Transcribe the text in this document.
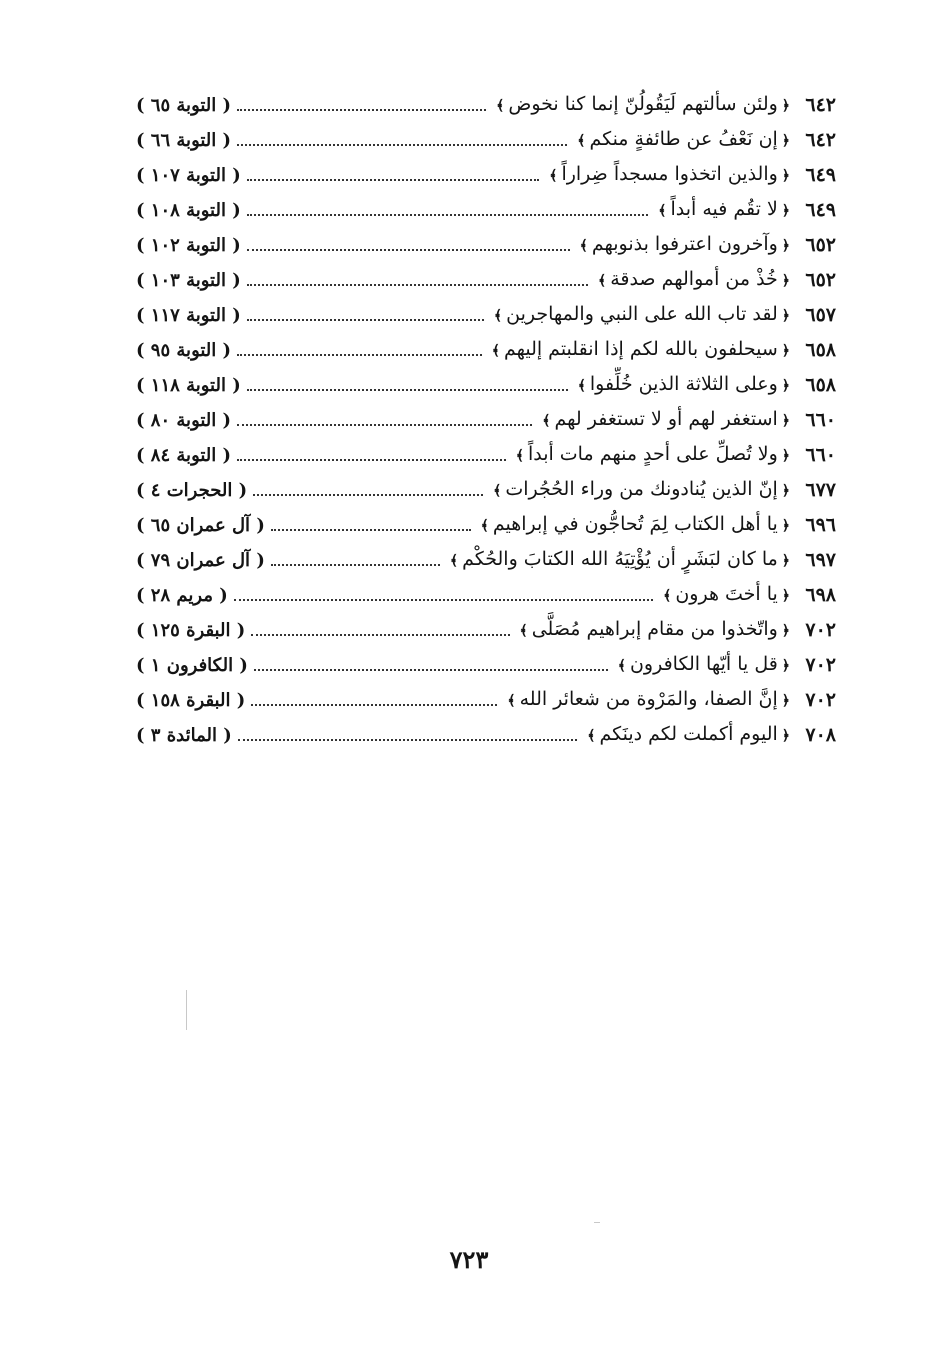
٦٤٢
﴿ولئن سألتهم لَيَقُولُنّ إنما كنا نخوض﴾
( التوبة ٦٥ )
٦٤٢
﴿إن نَعْفُ عن طائفةٍ منكم﴾
( التوبة ٦٦ )
٦٤٩
﴿والذين اتخذوا مسجداً ضِراراً﴾
( التوبة ١٠٧ )
٦٤٩
﴿لا تقُم فيه أبداً﴾
( التوبة ١٠٨ )
٦٥٢
﴿وآخرون اعترفوا بذنوبهم﴾
( التوبة ١٠٢ )
٦٥٢
﴿خُذْ من أموالهم صدقة﴾
( التوبة ١٠٣ )
٦٥٧
﴿لقد تاب الله على النبي والمهاجرين﴾
( التوبة ١١٧ )
٦٥٨
﴿سيحلفون بالله لكم إذا انقلبتم إليهم﴾
( التوبة ٩٥ )
٦٥٨
﴿وعلى الثلاثة الذين خُلِّفوا﴾
( التوبة ١١٨ )
٦٦٠
﴿استغفر لهم أو لا تستغفر لهم﴾
( التوبة ٨٠ )
٦٦٠
﴿ولا تُصلِّ على أحدٍ منهم مات أبداً﴾
( التوبة ٨٤ )
٦٧٧
﴿إنّ الذين يُنادونك من وراء الحُجُرات﴾
( الحجرات ٤ )
٦٩٦
﴿يا أهل الكتاب لِمَ تُحاجُّون في إبراهيم﴾
( آل عمران ٦٥ )
٦٩٧
﴿ما كان لبَشَرٍ أن يُؤْتِيَهُ الله الكتابَ والحُكْم﴾
( آل عمران ٧٩ )
٦٩٨
﴿يا أختَ هرون﴾
( مريم ٢٨ )
٧٠٢
﴿واتّخذوا من مقام إبراهيم مُصَلًّى﴾
( البقرة ١٢٥ )
٧٠٢
﴿قل يا أيّها الكافرون﴾
( الكافرون ١ )
٧٠٢
﴿إنَّ الصفا، والمَرْوة من شعائر الله﴾
( البقرة ١٥٨ )
٧٠٨
﴿اليوم أكملت لكم دينَكم﴾
( المائدة ٣ )
٧٢٣
